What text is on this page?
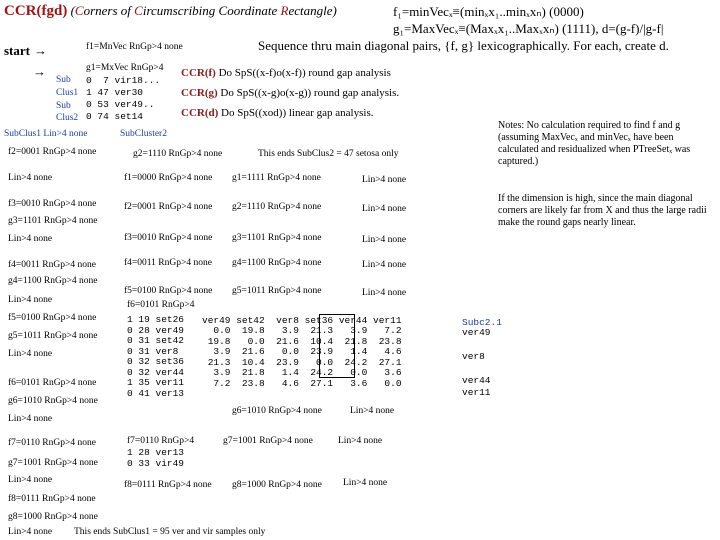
CCR(fgd) (Corners of Circumscribing Coordinate Rectangle)	f₁=minVecₓ≡(minₓx₁..minₓxₙ) (0000)
g₁=MaxVecₓ≡(Maxₓx₁..Maxₓxₙ) (1111), d=(g-f)/|g-f|
Sequence thru main diagonal pairs, {f, g} lexicographically. For each, create d.
start →	f1=MnVec RnGp>4 none
Sub
Clus1
Sub
Clus2
→	g1=MxVec RnGp>4
0  7 vir18...
1 47 ver30
0 53 ver49..
0 74 set14
CCR(f) Do SpS((x-f)o(x-f)) round gap analysis
CCR(g) Do SpS((x-g)o(x-g)) round gap analysis.
CCR(d) Do SpS((xod)) linear gap analysis.
SubClus1 Lin>4 none
f2=0001 RnGp>4 none
Lin>4 none
f3=0010 RnGp>4 none
g3=1101 RnGp>4 none
Lin>4 none
f4=0011 RnGp>4 none
g4=1100 RnGp>4 none
Lin>4 none
f5=0100 RnGp>4 none
g5=1011 RnGp>4 none
Lin>4 none
f6=0101 RnGp>4 none
g6=1010 RnGp>4 none
Lin>4 none
f7=0110 RnGp>4 none
g7=1001 RnGp>4 none
Lin>4 none
f8=0111 RnGp>4 none
g8=1000 RnGp>4 none
Lin>4 none This ends SubClus1 = 95 ver and vir samples only
SubCluster2
g2=1110 RnGp>4 none	This ends SubClus2 = 47 setosa only
f1=0000 RnGp>4 none g1=1111 RnGp>4 none	Lin>4 none
f2=0001 RnGp>4 none g2=1110 RnGp>4 none	Lin>4 none
f3=0010 RnGp>4 none g3=1101 RnGp>4 none	Lin>4 none
f4=0011 RnGp>4 none g4=1100 RnGp>4 none	Lin>4 none
f5=0100 RnGp>4 none g5=1011 RnGp>4 none	Lin>4 none
f6=0101 RnGp>4
1 19 set26
0 28 ver49
0 31 set42
0 31 ver8
0 32 set36
0 32 ver44
1 35 ver11
0 41 ver13
ver49 set42  ver8 set36 ver44 ver11
0.0  19.8   3.9  21.3   3.9   7.2
19.8   0.0  21.6  10.4  21.8  23.8
3.9  21.6   0.0  23.9   1.4   4.6
21.3  10.4  23.9   0.0  24.2  27.1
3.9  21.8   1.4  24.2   0.0   3.6
7.2  23.8   4.6  27.1   3.6   0.0
g6=1010 RnGp>4 none	Lin>4 none
f7=0110 RnGp>4
1 28 ver13
0 33 vir49
g7=1001 RnGp>4 none	Lin>4 none
f8=0111 RnGp>4 none g8=1000 RnGp>4 none Lin>4 none
Subc2.1
ver49
ver8
ver44
ver11
Notes: No calculation required to find f and g (assuming MaxVecₓ and minVecₓ have been calculated and residualized when PTreeSetₓ was captured.)
If the dimension is high, since the main diagonal corners are likely far from X and thus the large radii make the round gaps nearly linear.
